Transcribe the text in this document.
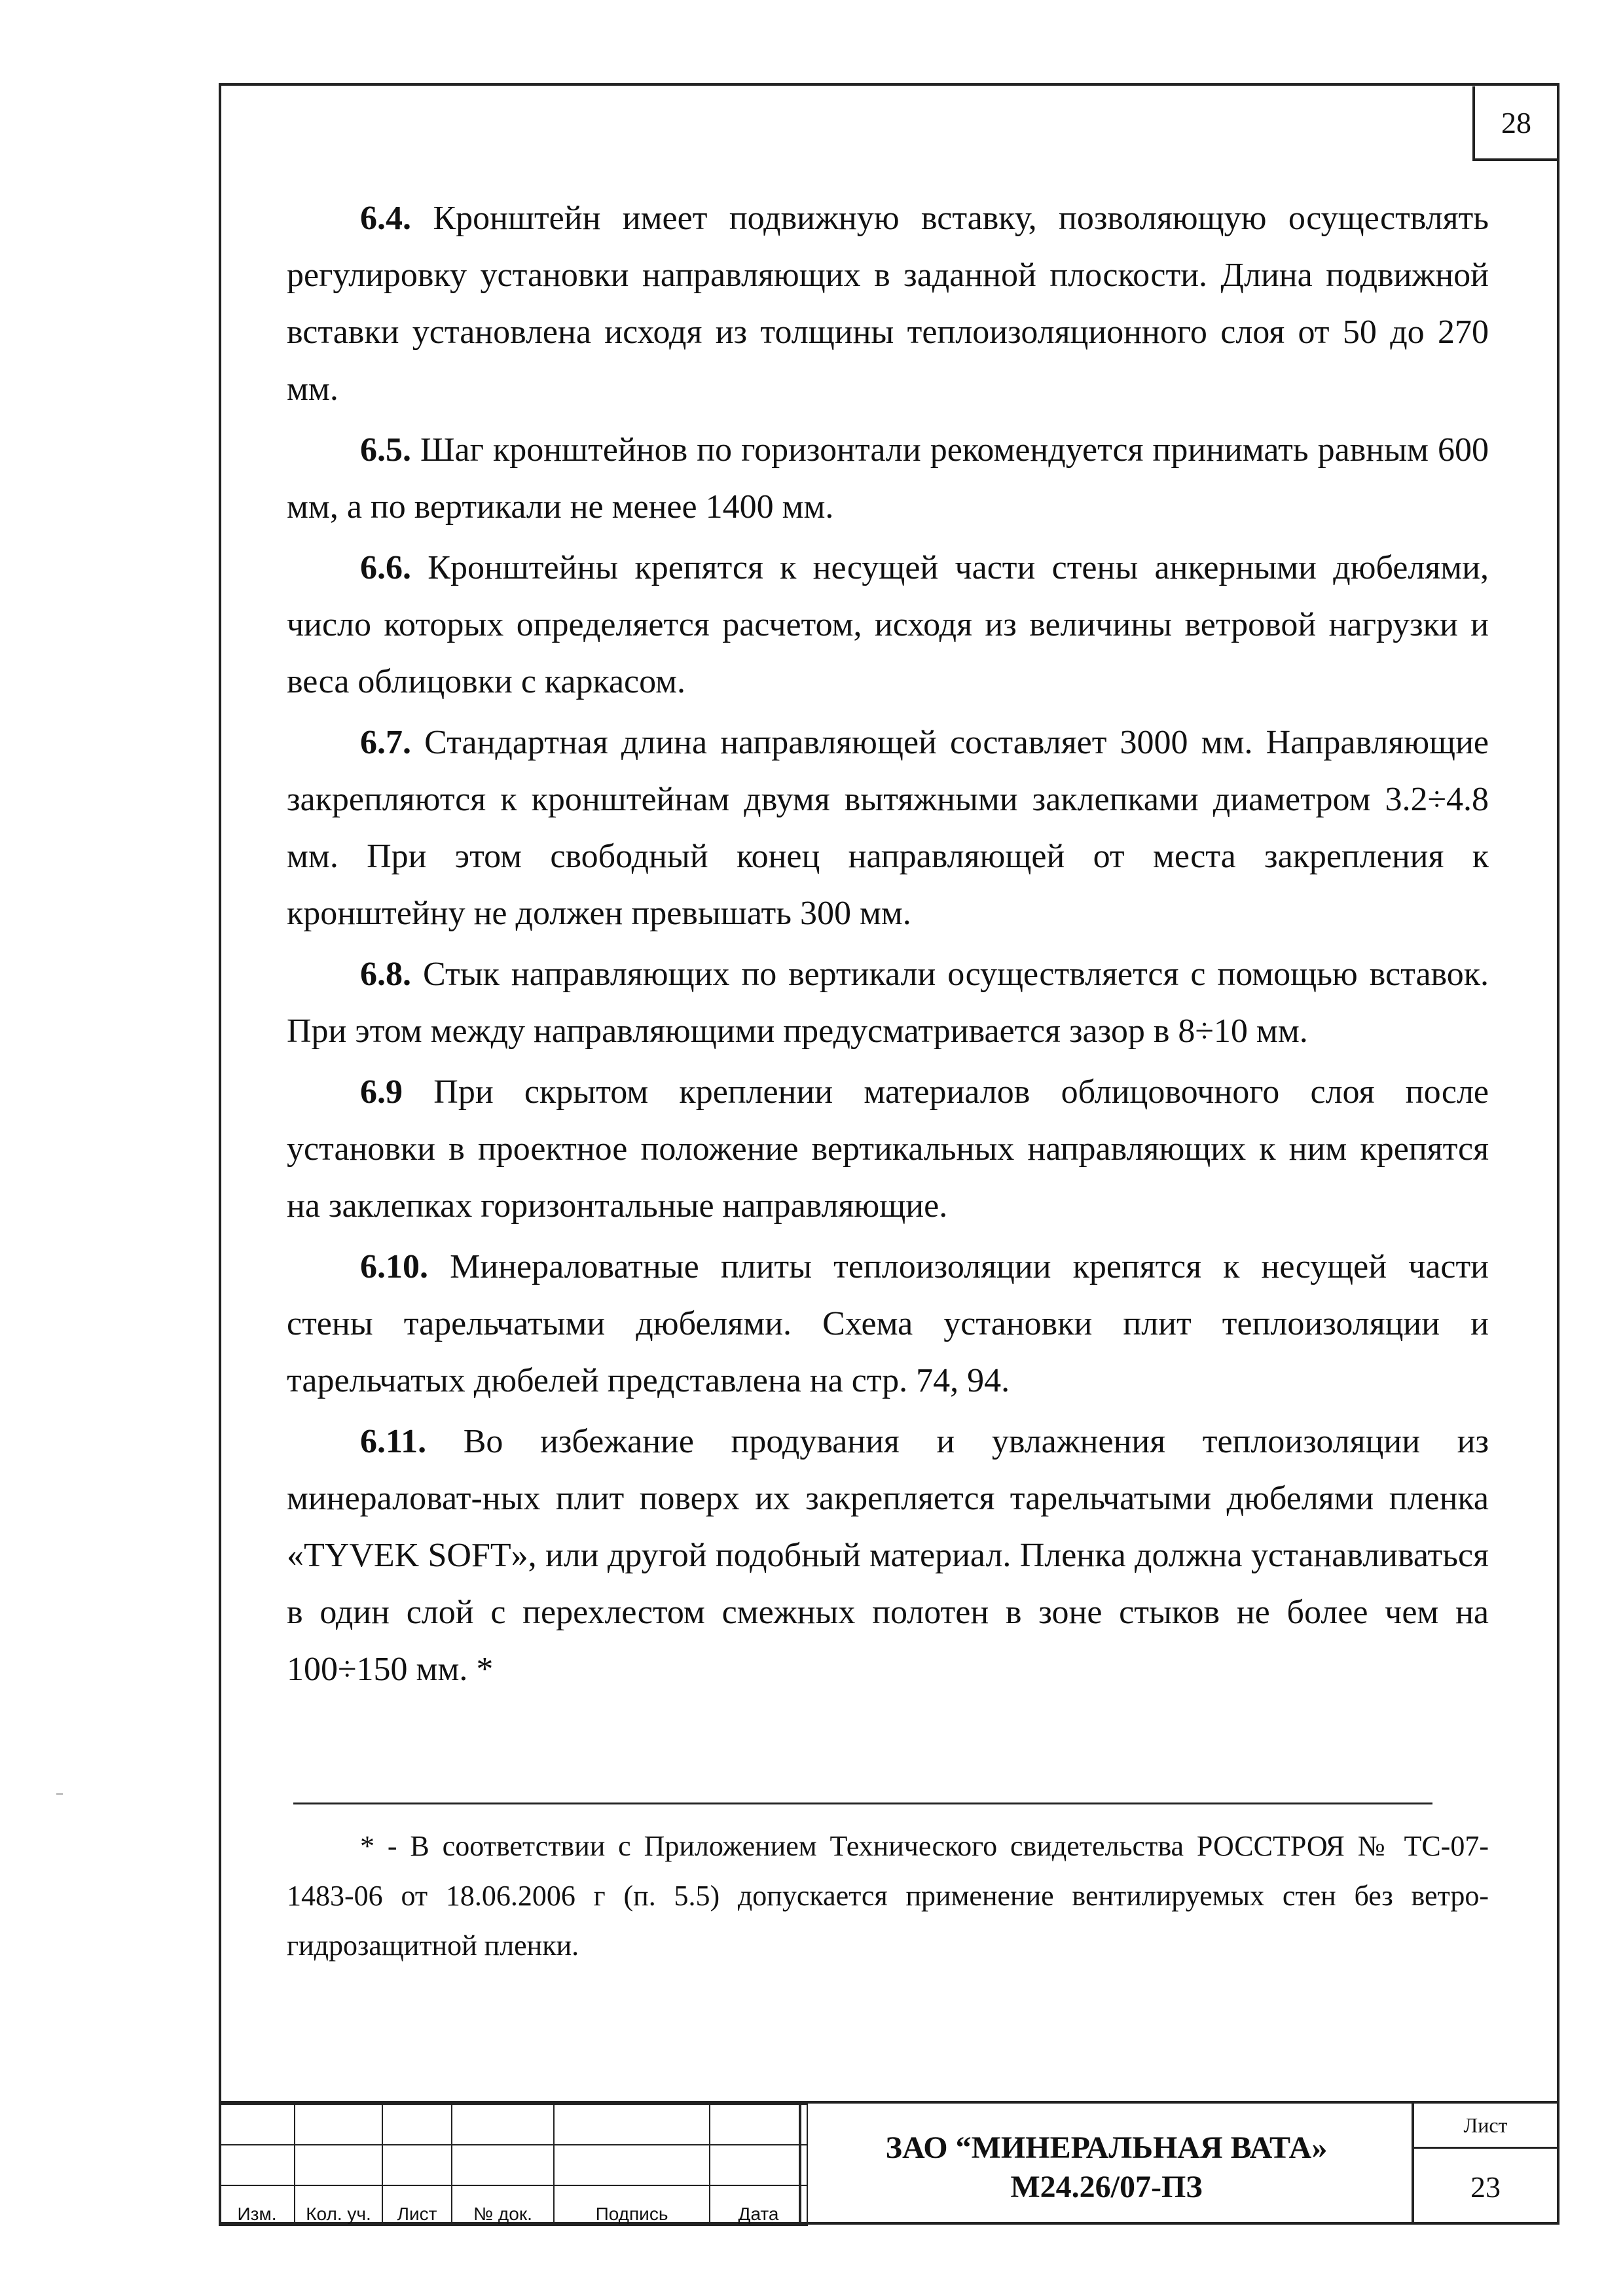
28

6.4. Кронштейн имеет подвижную вставку, позволяющую осуществлять регулировку установки направляющих в заданной плоскости. Длина подвижной вставки установлена исходя из толщины теплоизоляционного слоя от 50 до 270 мм.

6.5. Шаг кронштейнов по горизонтали рекомендуется принимать равным 600 мм, а по вертикали не менее 1400 мм.

6.6. Кронштейны крепятся к несущей части стены анкерными дюбелями, число которых определяется расчетом, исходя из величины ветровой нагрузки и веса облицовки с каркасом.

6.7. Стандартная длина направляющей составляет 3000 мм. Направляющие закрепляются к кронштейнам двумя вытяжными заклепками диаметром 3.2÷4.8 мм. При этом свободный конец направляющей от места закрепления к кронштейну не должен превышать 300 мм.

6.8. Стык направляющих по вертикали осуществляется с помощью вставок. При этом между направляющими предусматривается зазор в 8÷10 мм.

6.9 При скрытом креплении материалов облицовочного слоя после установки в проектное положение вертикальных направляющих к ним крепятся на заклепках горизонтальные направляющие.

6.10. Минераловатные плиты теплоизоляции крепятся к несущей части стены тарельчатыми дюбелями. Схема установки плит теплоизоляции и тарельчатых дюбелей представлена на стр. 74, 94.

6.11. Во избежание продувания и увлажнения теплоизоляции из минераловат-ных плит поверх их закрепляется тарельчатыми дюбелями пленка «TYVEK SOFT», или другой подобный материал. Пленка должна устанавливаться в один слой с перехлестом смежных полотен в зоне стыков не более чем на 100÷150 мм. *

* - В соответствии с Приложением Технического свидетельства РОССТРОЯ № ТС-07-1483-06 от 18.06.2006 г (п. 5.5) допускается применение вентилируемых стен без ветро- гидрозащитной пленки.

Изм.	Кол. уч.	Лист	№ док.	Подпись	Дата
ЗАО “МИНЕРАЛЬНАЯ ВАТА»
М24.26/07-ПЗ
Лист
23
